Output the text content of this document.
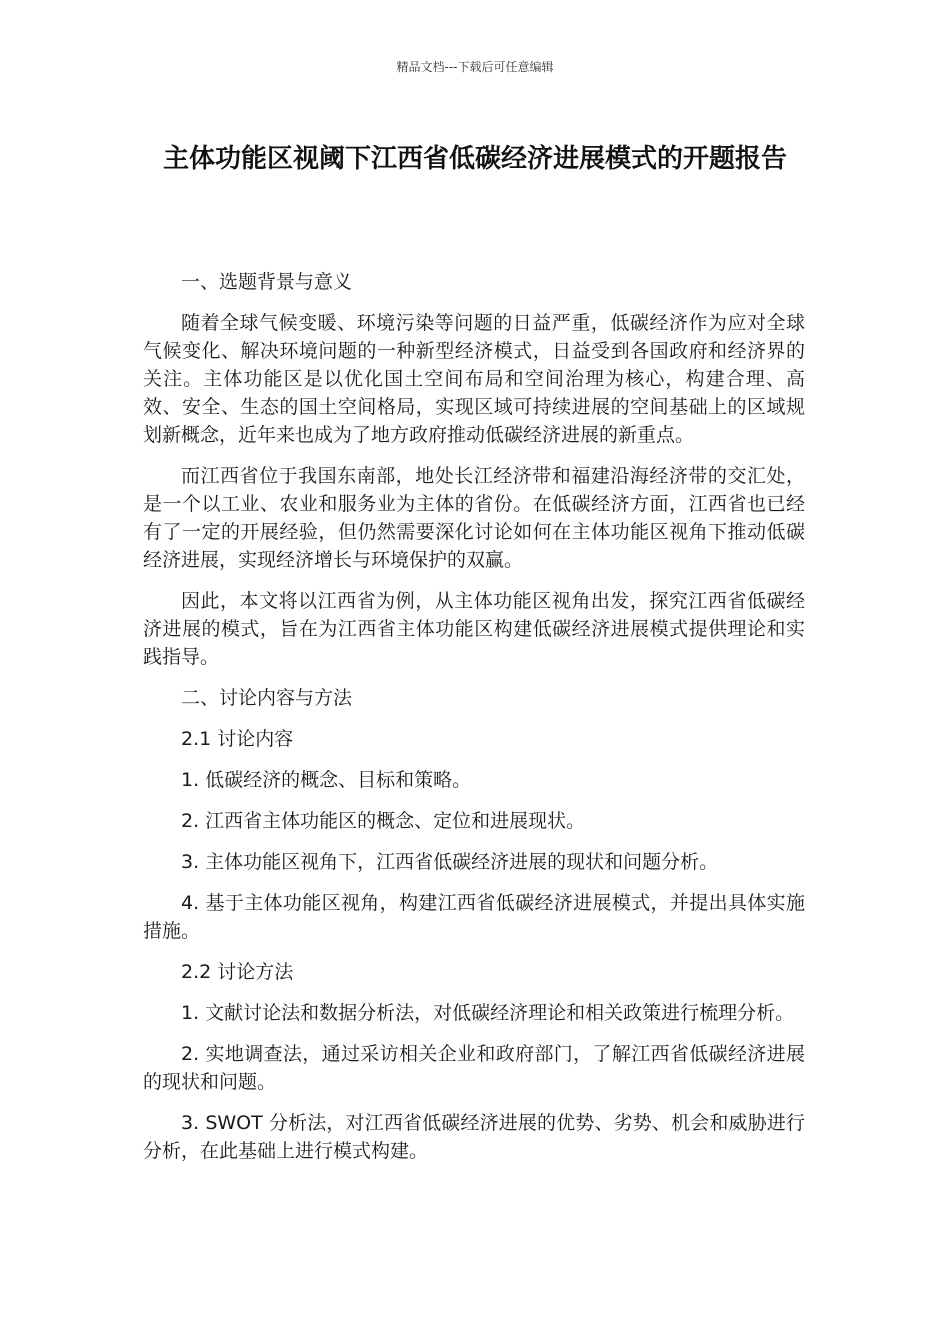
精品文档---下载后可任意编辑
主体功能区视阈下江西省低碳经济进展模式的开题报告

一、选题背景与意义

随着全球气候变暖、环境污染等问题的日益严重，低碳经济作为应对全球气候变化、解决环境问题的一种新型经济模式，日益受到各国政府和经济界的关注。主体功能区是以优化国土空间布局和空间治理为核心，构建合理、高效、安全、生态的国土空间格局，实现区域可持续进展的空间基础上的区域规划新概念，近年来也成为了地方政府推动低碳经济进展的新重点。

而江西省位于我国东南部，地处长江经济带和福建沿海经济带的交汇处，是一个以工业、农业和服务业为主体的省份。在低碳经济方面，江西省也已经有了一定的开展经验，但仍然需要深化讨论如何在主体功能区视角下推动低碳经济进展，实现经济增长与环境保护的双赢。

因此，本文将以江西省为例，从主体功能区视角出发，探究江西省低碳经济进展的模式，旨在为江西省主体功能区构建低碳经济进展模式提供理论和实践指导。

二、讨论内容与方法

2.1 讨论内容

1. 低碳经济的概念、目标和策略。

2. 江西省主体功能区的概念、定位和进展现状。

3. 主体功能区视角下，江西省低碳经济进展的现状和问题分析。

4. 基于主体功能区视角，构建江西省低碳经济进展模式，并提出具体实施措施。

2.2 讨论方法

1. 文献讨论法和数据分析法，对低碳经济理论和相关政策进行梳理分析。

2. 实地调查法，通过采访相关企业和政府部门，了解江西省低碳经济进展的现状和问题。

3. SWOT 分析法，对江西省低碳经济进展的优势、劣势、机会和威胁进行分析，在此基础上进行模式构建。
